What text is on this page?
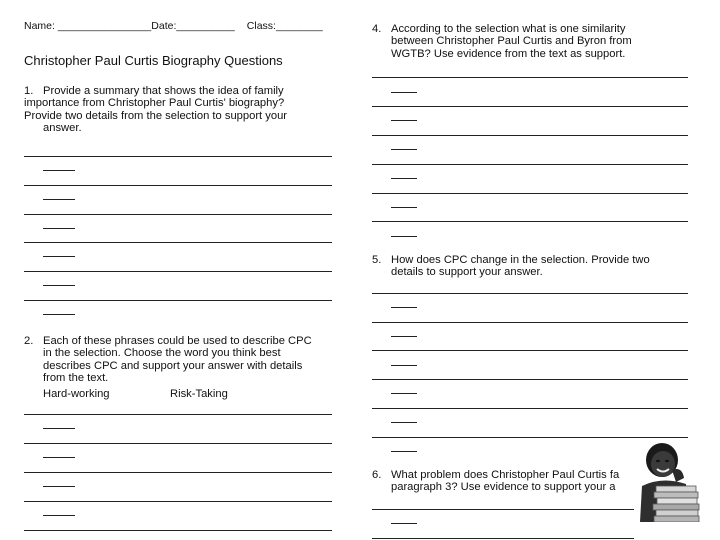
Name: ________________Date:__________ Class:________
Christopher Paul Curtis Biography Questions
1. Provide a summary that shows the idea of family
importance from Christopher Paul Curtis' biography?
Provide two details from the selection to support your
answer.
2. Each of these phrases could be used to describe CPC
in the selection. Choose the word you think best
describes CPC and support your answer with details
from the text.
Hard-working	Risk-Taking
4. According to the selection what is one similarity
between Christopher Paul Curtis and Byron from
WGTB? Use evidence from the text as support.
5. How does CPC change in the selection. Provide two
details to support your answer.
6. What problem does Christopher Paul Curtis fa
paragraph 3? Use evidence to support your a
